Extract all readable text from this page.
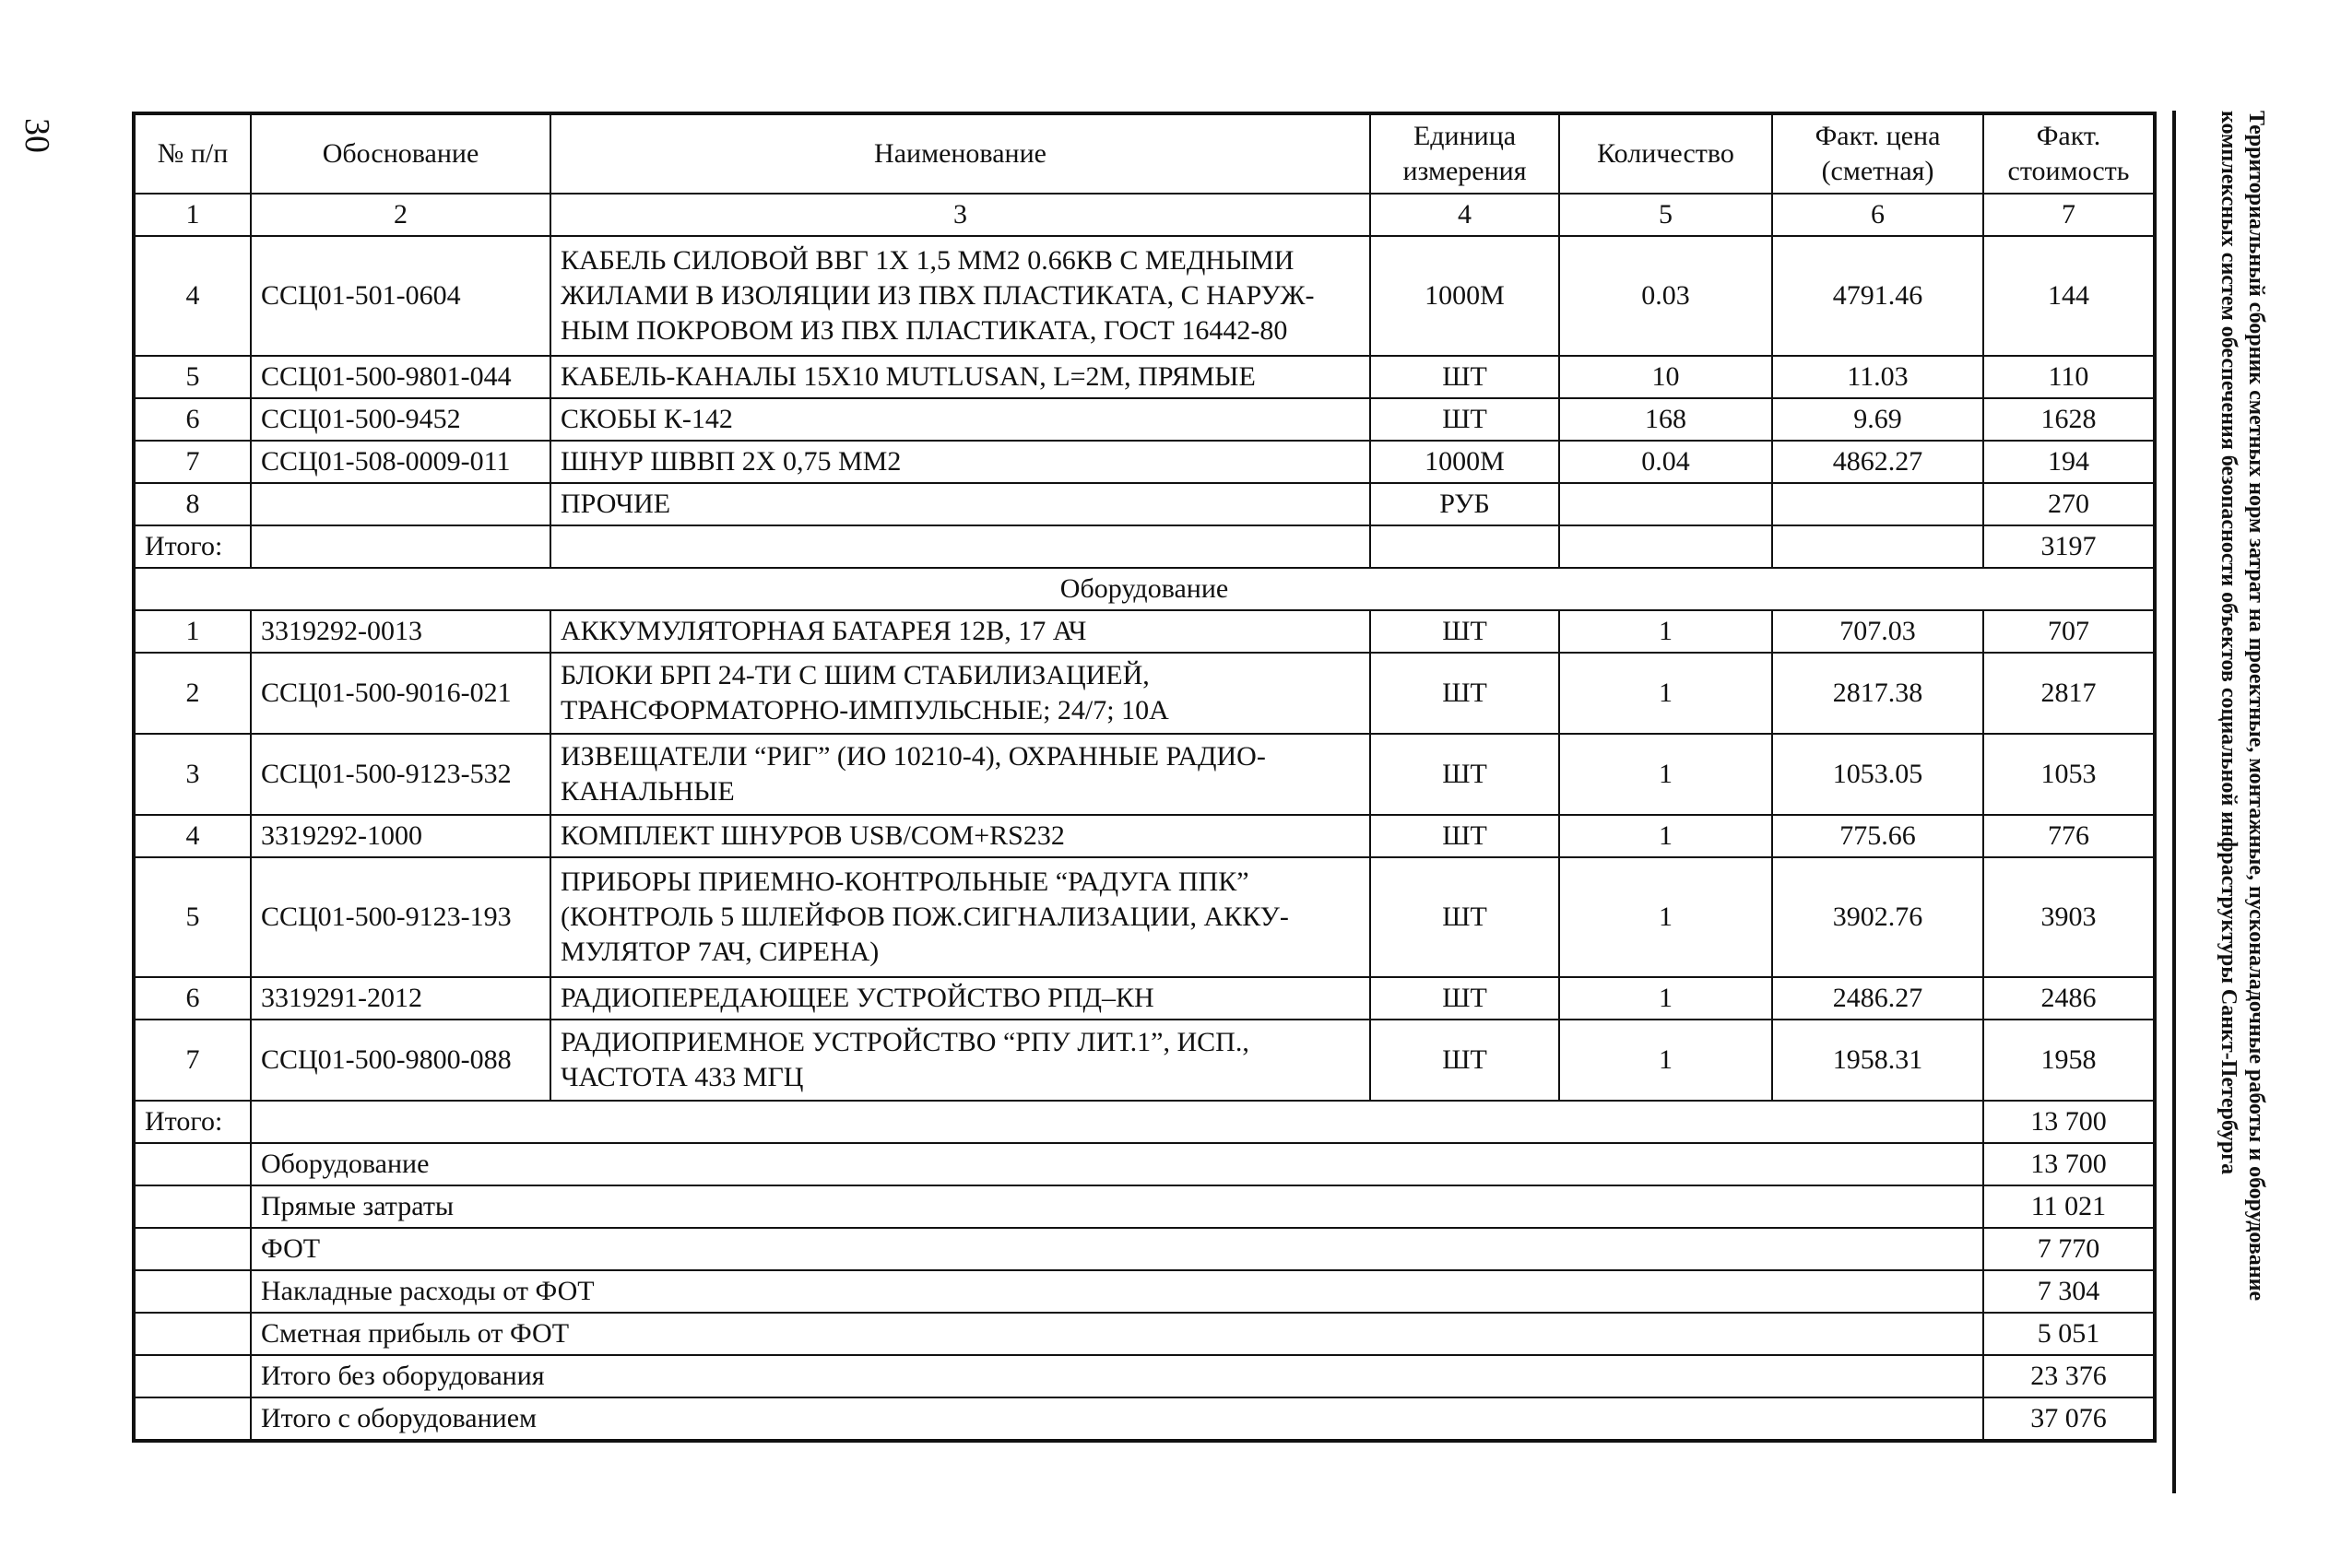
30	Территориальный сборник сметных норм затрат на проектные, монтажные, пусконаладочные работы и оборудование
комплексных систем обеспечения безопасности объектов социальной инфраструктуры Санкт-Петербурга
№ п/п	Обоснование	Наименование	Единица измерения	Количество	Факт. цена (сметная)	Факт. стоимость
1	2	3	4	5	6	7
4	ССЦ01-501-0604	КАБЕЛЬ СИЛОВОЙ ВВГ 1Х 1,5 ММ2 0.66КВ С МЕДНЫМИ ЖИЛАМИ В ИЗОЛЯЦИИ ИЗ ПВХ ПЛАСТИКАТА, С НАРУЖ-НЫМ ПОКРОВОМ ИЗ ПВХ ПЛАСТИКАТА, ГОСТ 16442-80	1000М	0.03	4791.46	144
5	ССЦ01-500-9801-044	КАБЕЛЬ-КАНАЛЫ 15Х10 MUTLUSAN, L=2М, ПРЯМЫЕ	ШТ	10	11.03	110
6	ССЦ01-500-9452	СКОБЫ К-142	ШТ	168	9.69	1628
7	ССЦ01-508-0009-011	ШНУР ШВВП 2Х 0,75 ММ2	1000М	0.04	4862.27	194
8		ПРОЧИЕ	РУБ			270
Итого:						3197
Оборудование						
1	3319292-0013	АККУМУЛЯТОРНАЯ БАТАРЕЯ 12В, 17 АЧ	ШТ	1	707.03	707
2	ССЦ01-500-9016-021	БЛОКИ БРП 24-ТИ С ШИМ СТАБИЛИЗАЦИЕЙ, ТРАНСФОРМАТОРНО-ИМПУЛЬСНЫЕ; 24/7; 10А	ШТ	1	2817.38	2817
3	ССЦ01-500-9123-532	ИЗВЕЩАТЕЛИ “РИГ” (ИО 10210-4), ОХРАННЫЕ РАДИО-КАНАЛЬНЫЕ	ШТ	1	1053.05	1053
4	3319292-1000	КОМПЛЕКТ ШНУРОВ USB/COM+RS232	ШТ	1	775.66	776
5	ССЦ01-500-9123-193	ПРИБОРЫ ПРИЕМНО-КОНТРОЛЬНЫЕ “РАДУГА ППК” (КОНТРОЛЬ 5 ШЛЕЙФОВ ПОЖ.СИГНАЛИЗАЦИИ, АККУ-МУЛЯТОР 7АЧ, СИРЕНА)	ШТ	1	3902.76	3903
6	3319291-2012	РАДИОПЕРЕДАЮЩЕЕ УСТРОЙСТВО РПД–КН	ШТ	1	2486.27	2486
7	ССЦ01-500-9800-088	РАДИОПРИЕМНОЕ УСТРОЙСТВО “РПУ ЛИТ.1”, ИСП., ЧАСТОТА 433 МГЦ	ШТ	1	1958.31	1958
Итого:						13 700
	Оборудование					13 700
	Прямые затраты					11 021
	ФОТ					7 770
	Накладные расходы от ФОТ					7 304
	Сметная прибыль от ФОТ					5 051
	Итого без оборудования					23 376
	Итого с оборудованием					37 076
